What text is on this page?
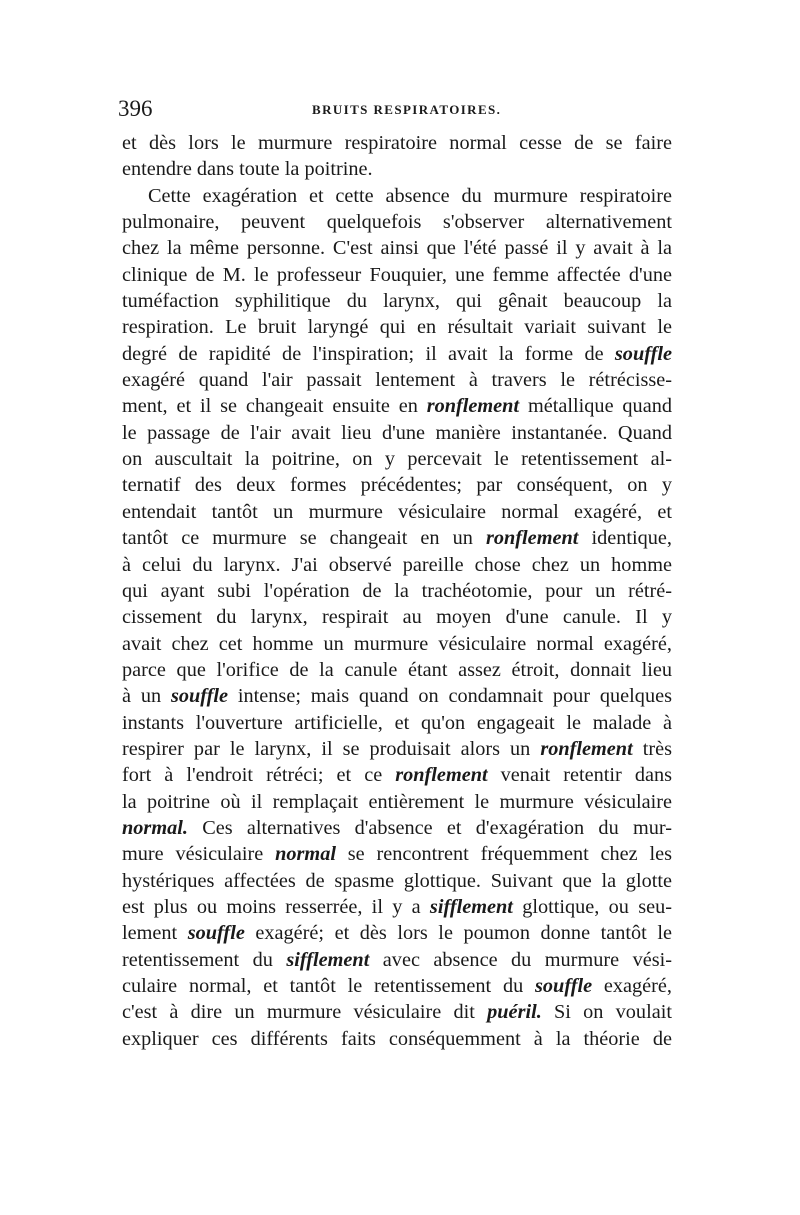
396	BRUITS RESPIRATOIRES.
et dès lors le murmure respiratoire normal cesse de se faire
entendre dans toute la poitrine.
Cette exagération et cette absence du murmure respiratoire
pulmonaire, peuvent quelquefois s'observer alternativement
chez la même personne. C'est ainsi que l'été passé il y avait à la
clinique de M. le professeur Fouquier, une femme affectée d'une
tuméfaction syphilitique du larynx, qui gênait beaucoup la
respiration. Le bruit laryngé qui en résultait variait suivant le
degré de rapidité de l'inspiration; il avait la forme de souffle
exagéré quand l'air passait lentement à travers le rétrécisse-
ment, et il se changeait ensuite en ronflement métallique quand
le passage de l'air avait lieu d'une manière instantanée. Quand
on auscultait la poitrine, on y percevait le retentissement al-
ternatif des deux formes précédentes; par conséquent, on y
entendait tantôt un murmure vésiculaire normal exagéré, et
tantôt ce murmure se changeait en un ronflement identique,
à celui du larynx. J'ai observé pareille chose chez un homme
qui ayant subi l'opération de la trachéotomie, pour un rétré-
cissement du larynx, respirait au moyen d'une canule. Il y
avait chez cet homme un murmure vésiculaire normal exagéré,
parce que l'orifice de la canule étant assez étroit, donnait lieu
à un souffle intense; mais quand on condamnait pour quelques
instants l'ouverture artificielle, et qu'on engageait le malade à
respirer par le larynx, il se produisait alors un ronflement très
fort à l'endroit rétréci; et ce ronflement venait retentir dans
la poitrine où il remplaçait entièrement le murmure vésiculaire
normal. Ces alternatives d'absence et d'exagération du mur-
mure vésiculaire normal se rencontrent fréquemment chez les
hystériques affectées de spasme glottique. Suivant que la glotte
est plus ou moins resserrée, il y a sifflement glottique, ou seu-
lement souffle exagéré; et dès lors le poumon donne tantôt le
retentissement du sifflement avec absence du murmure vési-
culaire normal, et tantôt le retentissement du souffle exagéré,
c'est à dire un murmure vésiculaire dit puéril. Si on voulait
expliquer ces différents faits conséquemment à la théorie de
